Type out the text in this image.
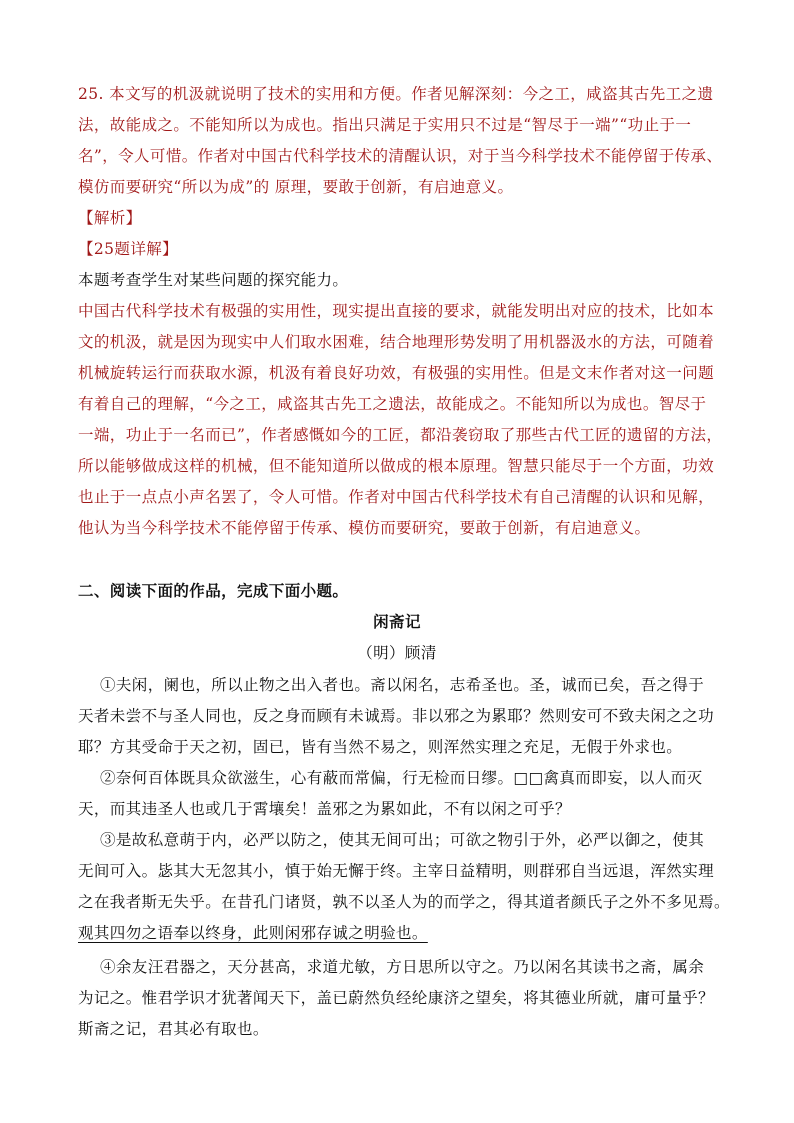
25. 本文写的机汲就说明了技术的实用和方便。作者见解深刻：今之工，咸盗其古先工之遗
法，故能成之。不能知所以为成也。指出只满足于实用只不过是“智尽于一端”“功止于一
名”，令人可惜。作者对中国古代科学技术的清醒认识，对于当今科学技术不能停留于传承、
模仿而要研究“所以为成”的 原理，要敢于创新，有启迪意义。
【解析】
【25题详解】
本题考查学生对某些问题的探究能力。
中国古代科学技术有极强的实用性，现实提出直接的要求，就能发明出对应的技术，比如本
文的机汲，就是因为现实中人们取水困难，结合地理形势发明了用机器汲水的方法，可随着
机械旋转运行而获取水源，机汲有着良好功效，有极强的实用性。但是文末作者对这一问题
有着自己的理解，“今之工，咸盗其古先工之遗法，故能成之。不能知所以为成也。智尽于
一端，功止于一名而已”，作者感慨如今的工匠，都沿袭窃取了那些古代工匠的遗留的方法，
所以能够做成这样的机械，但不能知道所以做成的根本原理。智慧只能尽于一个方面，功效
也止于一点点小声名罢了，令人可惜。作者对中国古代科学技术有自己清醒的认识和见解，
他认为当今科学技术不能停留于传承、模仿而要研究，要敢于创新，有启迪意义。
二、阅读下面的作品，完成下面小题。
闲斋记
（明）顾清
①夫闲，阑也，所以止物之出入者也。斋以闲名，志希圣也。圣，诚而已矣，吾之得于
天者未尝不与圣人同也，反之身而顾有未诚焉。非以邪之为累耶？然则安可不致夫闲之之功
耶？方其受命于天之初，固已，皆有当然不易之，则浑然实理之充足，无假于外求也。
②奈何百体既具众欲滋生，心有蔽而常偏，行无检而日缪。□□禽真而即妄，以人而灭
天，而其违圣人也或几于霄壤矣！盖邪之为累如此，不有以闲之可乎？
③是故私意萌于内，必严以防之，使其无间可出；可欲之物引于外，必严以御之，使其
无间可入。毖其大无忽其小，慎于始无懈于终。主宰日益精明，则群邪自当远退，浑然实理
之在我者斯无失乎。在昔孔门诸贤，孰不以圣人为的而学之，得其道者颜氏子之外不多见焉。
观其四勿之语奉以终身，此则闲邪存诚之明验也。
④余友汪君器之，天分甚高，求道尤敏，方日思所以守之。乃以闲名其读书之斋，属余
为记之。惟君学识才犹著闻天下，盖已蔚然负经纶康济之望矣，将其德业所就，庸可量乎？
斯斋之记，君其必有取也。
